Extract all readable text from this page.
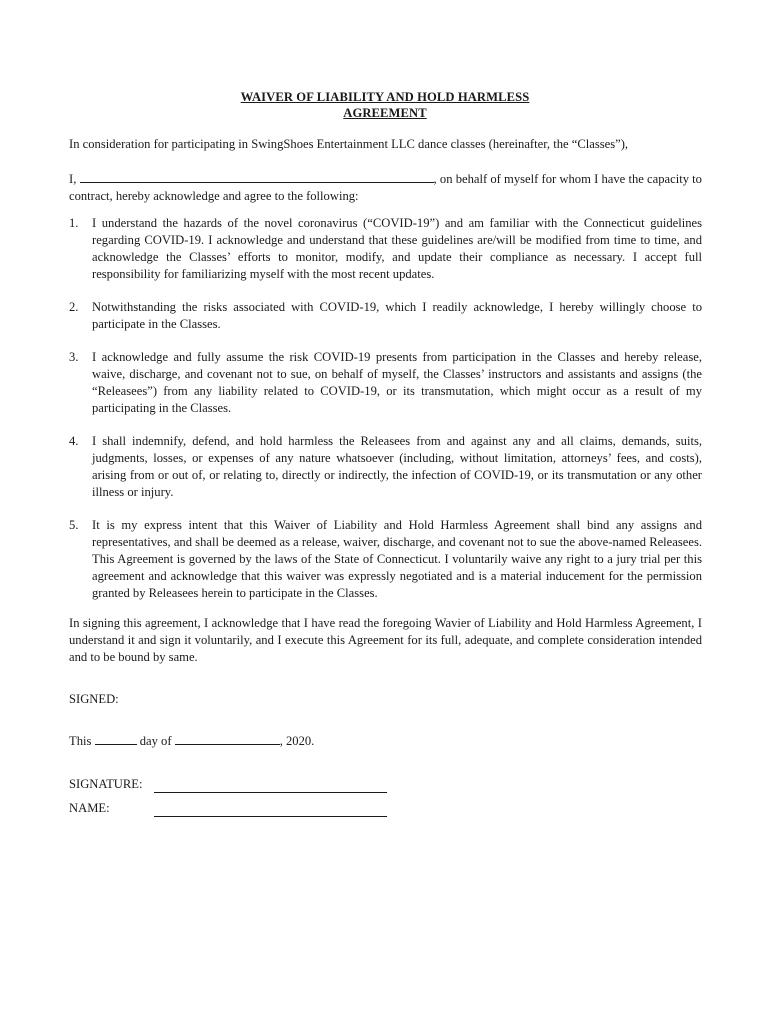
WAIVER OF LIABILITY AND HOLD HARMLESS
AGREEMENT

In consideration for participating in SwingShoes Entertainment LLC dance classes (hereinafter, the “Classes”),

I,	, on behalf of myself for whom I have the capacity to contract, hereby acknowledge and agree to the following:

1. I understand the hazards of the novel coronavirus (“COVID-19”) and am familiar with the Connecticut guidelines regarding COVID-19. I acknowledge and understand that these guidelines are/will be modified from time to time, and acknowledge the Classes’ efforts to monitor, modify, and update their compliance as necessary. I accept full responsibility for familiarizing myself with the most recent updates.
2. Notwithstanding the risks associated with COVID-19, which I readily acknowledge, I hereby willingly choose to participate in the Classes.
3. I acknowledge and fully assume the risk COVID-19 presents from participation in the Classes and hereby release, waive, discharge, and covenant not to sue, on behalf of myself, the Classes’ instructors and assistants and assigns (the “Releasees”) from any liability related to COVID-19, or its transmutation, which might occur as a result of my participating in the Classes.
4. I shall indemnify, defend, and hold harmless the Releasees from and against any and all claims, demands, suits, judgments, losses, or expenses of any nature whatsoever (including, without limitation, attorneys’ fees, and costs), arising from or out of, or relating to, directly or indirectly, the infection of COVID-19, or its transmutation or any other illness or injury.
5. It is my express intent that this Waiver of Liability and Hold Harmless Agreement shall bind any assigns and representatives, and shall be deemed as a release, waiver, discharge, and covenant not to sue the above-named Releasees. This Agreement is governed by the laws of the State of Connecticut. I voluntarily waive any right to a jury trial per this agreement and acknowledge that this waiver was expressly negotiated and is a material inducement for the permission granted by Releasees herein to participate in the Classes.

In signing this agreement, I acknowledge that I have read the foregoing Wavier of Liability and Hold Harmless Agreement, I understand it and sign it voluntarily, and I execute this Agreement for its full, adequate, and complete consideration intended and to be bound by same.

SIGNED:

This	day of	, 2020.

SIGNATURE:
NAME:
